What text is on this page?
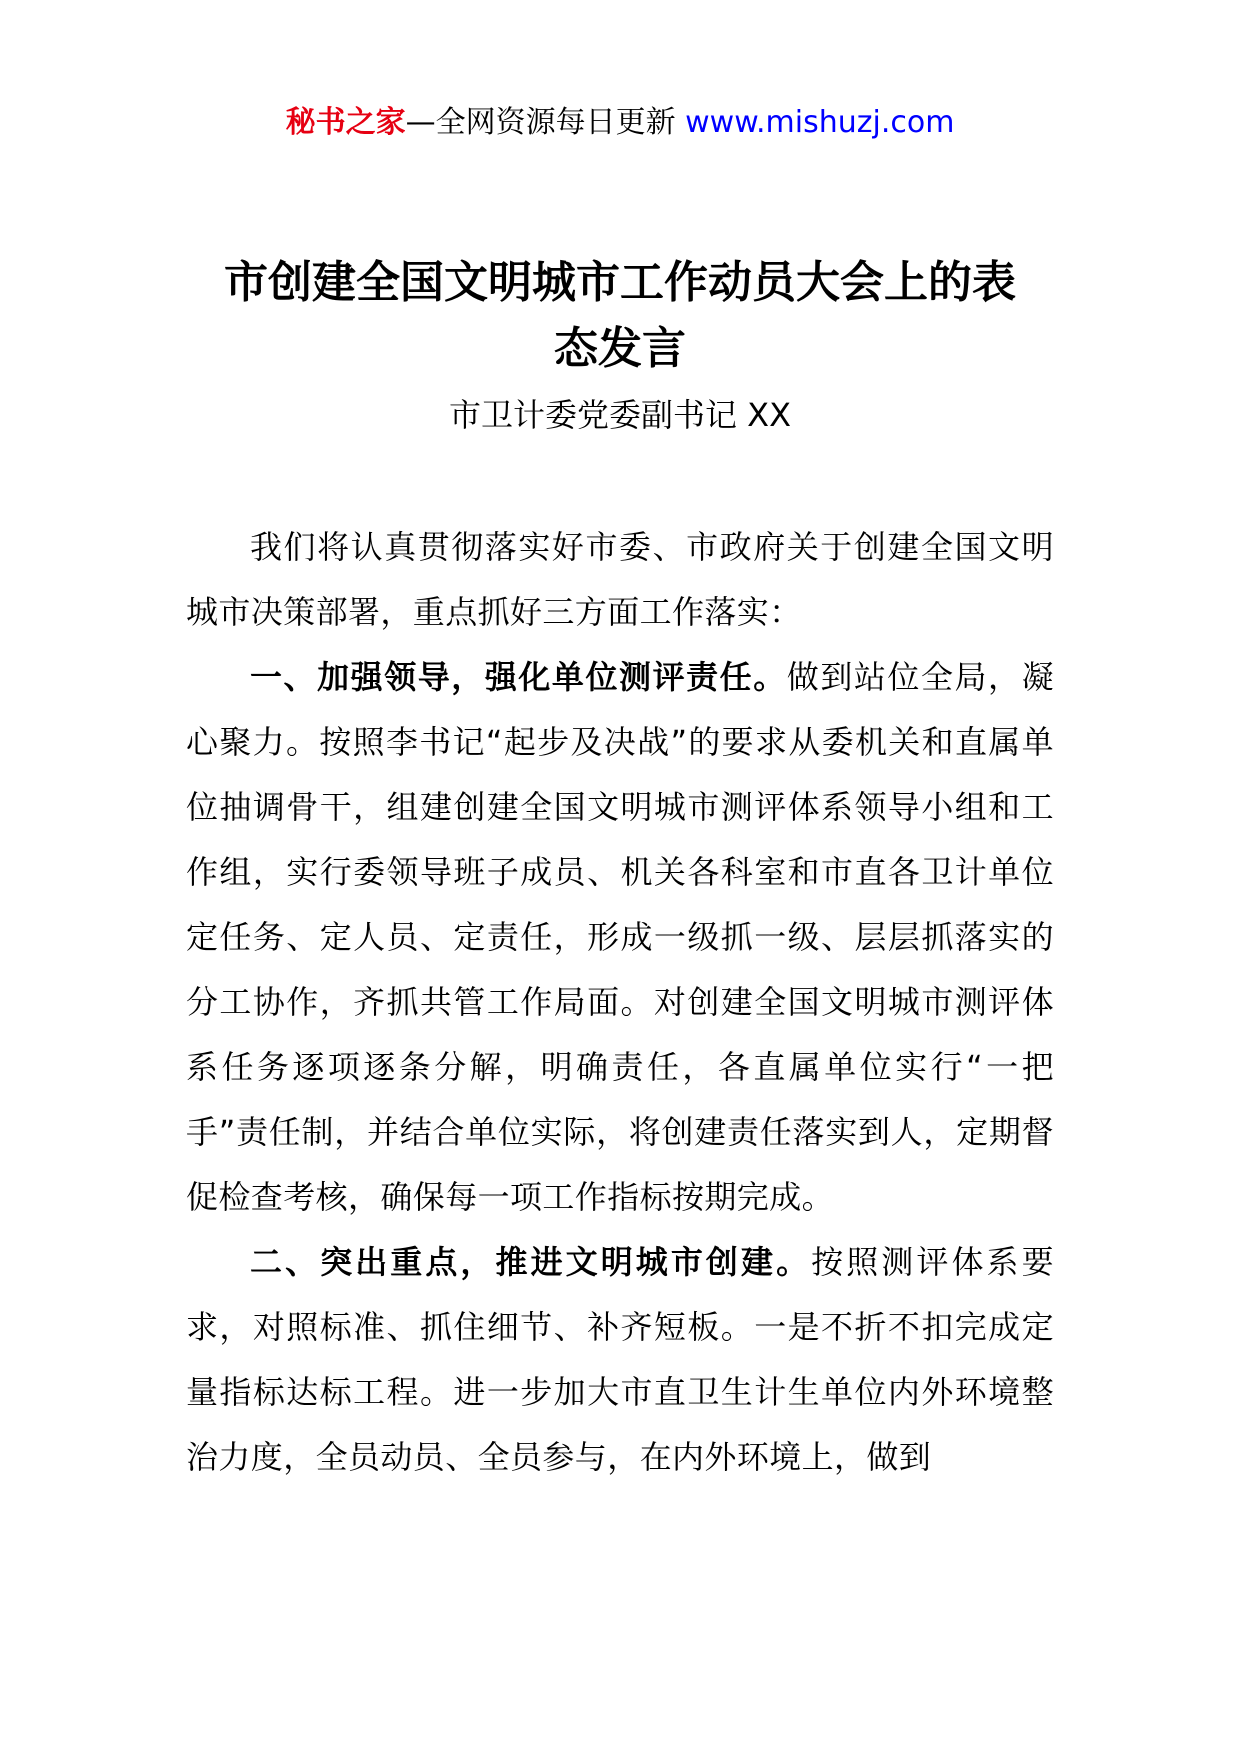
秘书之家—全网资源每日更新 www.mishuzj.com
市创建全国文明城市工作动员大会上的表态发言
市卫计委党委副书记 XX

我们将认真贯彻落实好市委、市政府关于创建全国文明城市决策部署，重点抓好三方面工作落实：

一、加强领导，强化单位测评责任。做到站位全局，凝心聚力。按照李书记“起步及决战”的要求从委机关和直属单位抽调骨干，组建创建全国文明城市测评体系领导小组和工作组，实行委领导班子成员、机关各科室和市直各卫计单位定任务、定人员、定责任，形成一级抓一级、层层抓落实的分工协作，齐抓共管工作局面。对创建全国文明城市测评体系任务逐项逐条分解，明确责任，各直属单位实行“一把手”责任制，并结合单位实际，将创建责任落实到人，定期督促检查考核，确保每一项工作指标按期完成。

二、突出重点，推进文明城市创建。按照测评体系要求，对照标准、抓住细节、补齐短板。一是不折不扣完成定量指标达标工程。进一步加大市直卫生计生单位内外环境整治力度，全员动员、全员参与，在内外环境上，做到
